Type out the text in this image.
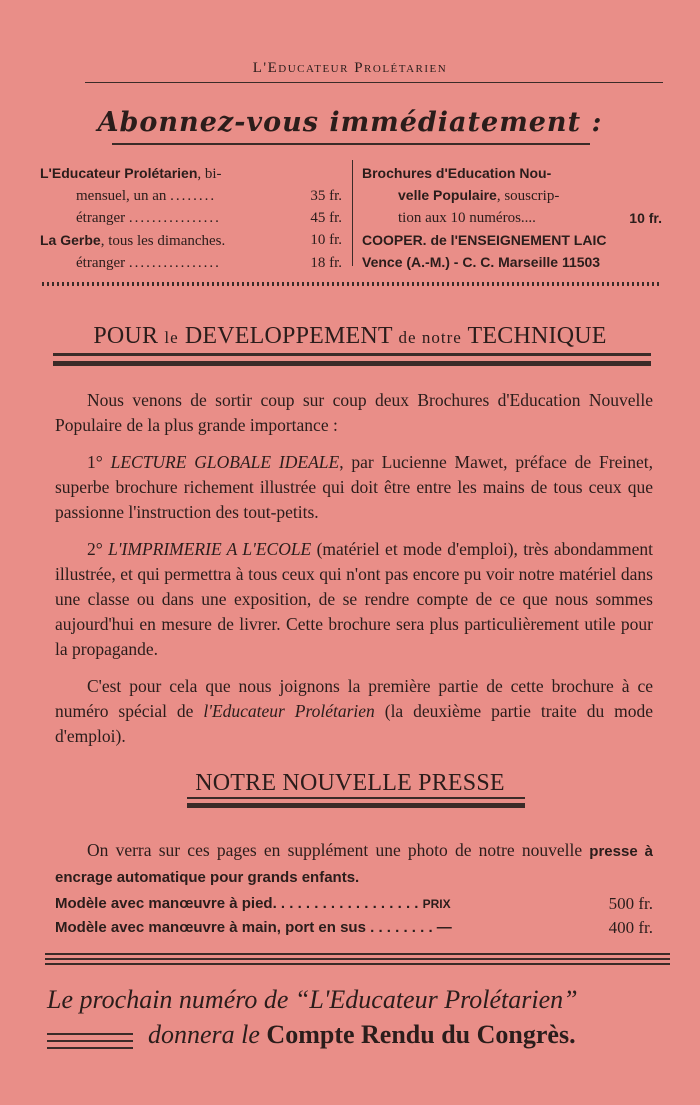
L'Educateur Prolétarien
Abonnez-vous immédiatement :
L'Educateur Prolétarien, bi-
mensuel, un an ........	35 fr.
étranger ................	45 fr.
La Gerbe, tous les dimanches.	10 fr.
étranger ................	18 fr.
Brochures d'Education Nou-
velle Populaire, souscrip-
tion aux 10 numéros....	10 fr.
COOPER. de l'ENSEIGNEMENT LAIC
Vence (A.-M.) - C. C. Marseille 11503
POUR le DEVELOPPEMENT de notre TECHNIQUE

Nous venons de sortir coup sur coup deux Brochures d'Education Nouvelle Populaire de la plus grande importance :

1° LECTURE GLOBALE IDEALE, par Lucienne Mawet, préface de Freinet, superbe brochure richement illustrée qui doit être entre les mains de tous ceux que passionne l'instruction des tout-petits.

2° L'IMPRIMERIE A L'ECOLE (matériel et mode d'emploi), très abondamment illustrée, et qui permettra à tous ceux qui n'ont pas encore pu voir notre matériel dans une classe ou dans une exposition, de se rendre compte de ce que nous sommes aujourd'hui en mesure de livrer. Cette brochure sera plus particulièrement utile pour la propagande.

C'est pour cela que nous joignons la première partie de cette brochure à ce numéro spécial de l'Educateur Prolétarien (la deuxième partie traite du mode d'emploi).

NOTRE NOUVELLE PRESSE

On verra sur ces pages en supplément une photo de notre nouvelle presse à encrage automatique pour grands enfants.

Modèle avec manœuvre à pied. . . . . . . . . . . . . . . . . . PRIX	500 fr.
Modèle avec manœuvre à main, port en sus . . . . . . . . —	400 fr.
Le prochain numéro de “L'Educateur Prolétarien”
donnera le Compte Rendu du Congrès.
